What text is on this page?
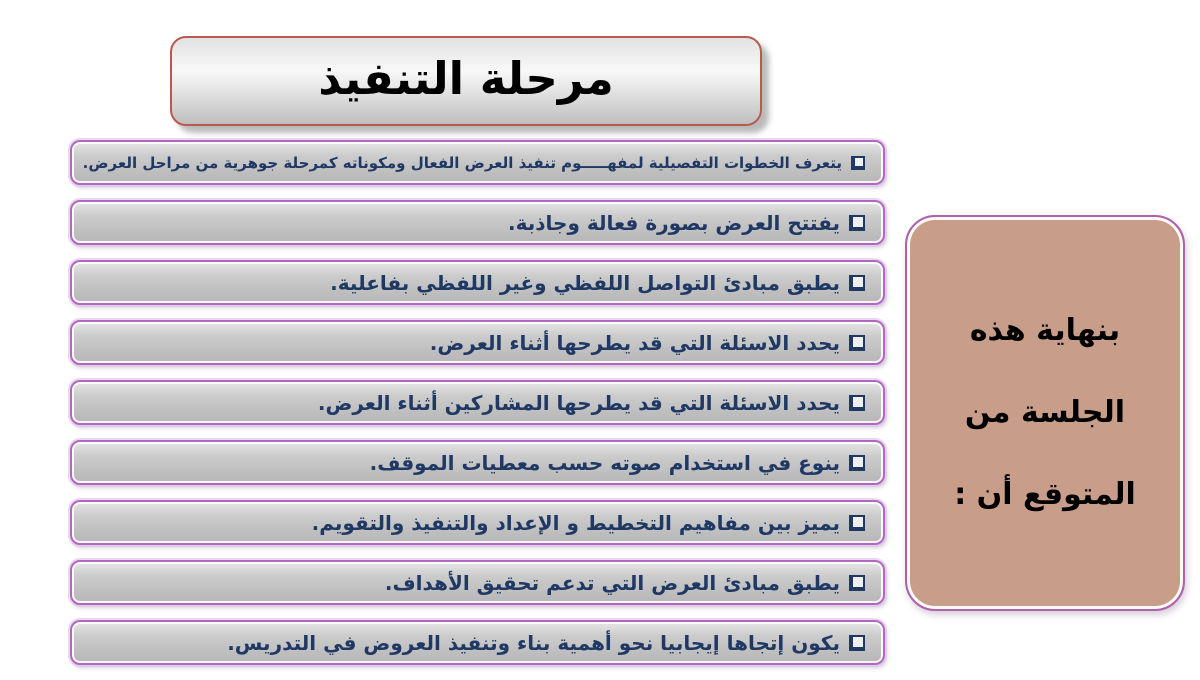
مرحلة التنفيذ
يتعرف الخطوات التفصيلية لمفهـــــوم تنفيذ العرض الفعال ومكوناته كمرحلة جوهرية من مراحل العرض.
يفتتح العرض بصورة فعالة وجاذبة.
يطبق مبادئ التواصل اللفظي وغير اللفظي بفاعلية.
يحدد الاسئلة التي قد يطرحها أثناء العرض.
يحدد الاسئلة التي قد يطرحها المشاركين أثناء العرض.
ينوع في استخدام صوته حسب معطيات الموقف.
يميز بين مفاهيم التخطيط و الإعداد والتنفيذ والتقويم.
يطبق مبادئ العرض التي تدعم تحقيق الأهداف.
يكون إتجاها إيجابيا نحو أهمية بناء وتنفيذ العروض في التدريس.
بنهاية هذه
الجلسة من
المتوقع أن :
